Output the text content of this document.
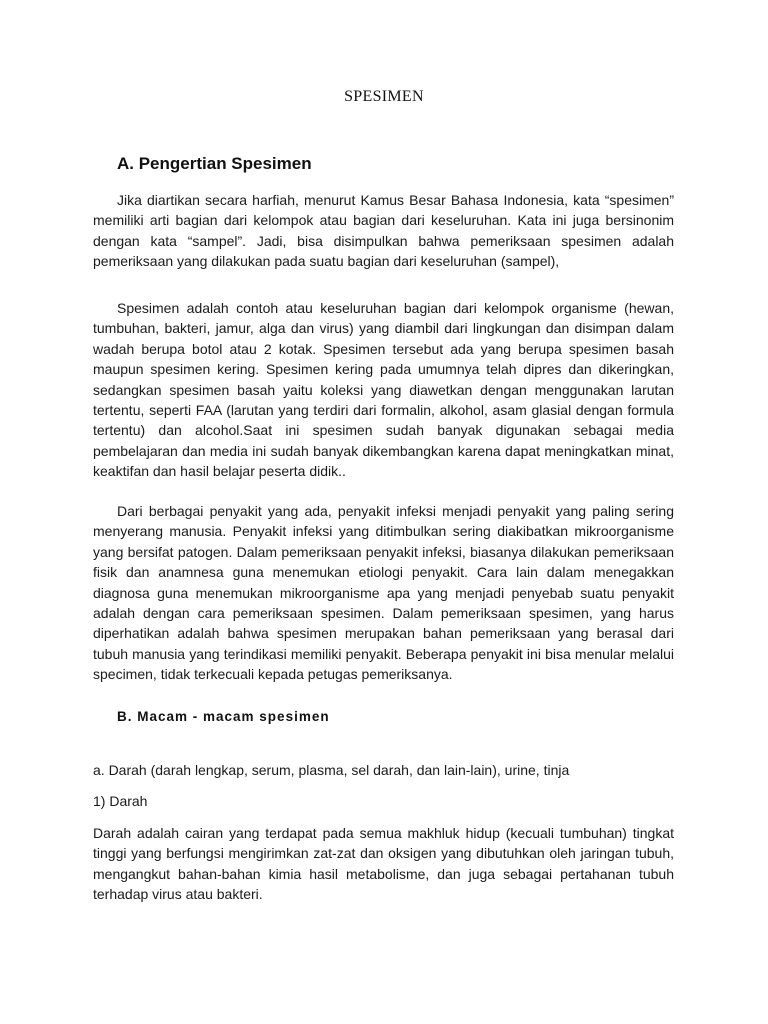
SPESIMEN
A. Pengertian Spesimen

Jika diartikan secara harfiah, menurut Kamus Besar Bahasa Indonesia, kata “spesimen” memiliki arti bagian dari kelompok atau bagian dari keseluruhan. Kata ini juga bersinonim dengan kata “sampel”. Jadi, bisa disimpulkan bahwa pemeriksaan spesimen adalah pemeriksaan yang dilakukan pada suatu bagian dari keseluruhan (sampel),

Spesimen adalah contoh atau keseluruhan bagian dari kelompok organisme (hewan, tumbuhan, bakteri, jamur, alga dan virus) yang diambil dari lingkungan dan disimpan dalam wadah berupa botol atau 2 kotak. Spesimen tersebut ada yang berupa spesimen basah maupun spesimen kering. Spesimen kering pada umumnya telah dipres dan dikeringkan, sedangkan spesimen basah yaitu koleksi yang diawetkan dengan menggunakan larutan tertentu, seperti FAA (larutan yang terdiri dari formalin, alkohol, asam glasial dengan formula tertentu) dan alcohol.Saat ini spesimen sudah banyak digunakan sebagai media pembelajaran dan media ini sudah banyak dikembangkan karena dapat meningkatkan minat, keaktifan dan hasil belajar peserta didik..

Dari berbagai penyakit yang ada, penyakit infeksi menjadi penyakit yang paling sering menyerang manusia. Penyakit infeksi yang ditimbulkan sering diakibatkan mikroorganisme yang bersifat patogen. Dalam pemeriksaan penyakit infeksi, biasanya dilakukan pemeriksaan fisik dan anamnesa guna menemukan etiologi penyakit. Cara lain dalam menegakkan diagnosa guna menemukan mikroorganisme apa yang menjadi penyebab suatu penyakit adalah dengan cara pemeriksaan spesimen. Dalam pemeriksaan spesimen, yang harus diperhatikan adalah bahwa spesimen merupakan bahan pemeriksaan yang berasal dari tubuh manusia yang terindikasi memiliki penyakit. Beberapa penyakit ini bisa menular melalui specimen, tidak terkecuali kepada petugas pemeriksanya.

B. Macam - macam spesimen

a. Darah (darah lengkap, serum, plasma, sel darah, dan lain-lain), urine, tinja

1) Darah

Darah adalah cairan yang terdapat pada semua makhluk hidup (kecuali tumbuhan) tingkat tinggi yang berfungsi mengirimkan zat-zat dan oksigen yang dibutuhkan oleh jaringan tubuh, mengangkut bahan-bahan kimia hasil metabolisme, dan juga sebagai pertahanan tubuh terhadap virus atau bakteri.
